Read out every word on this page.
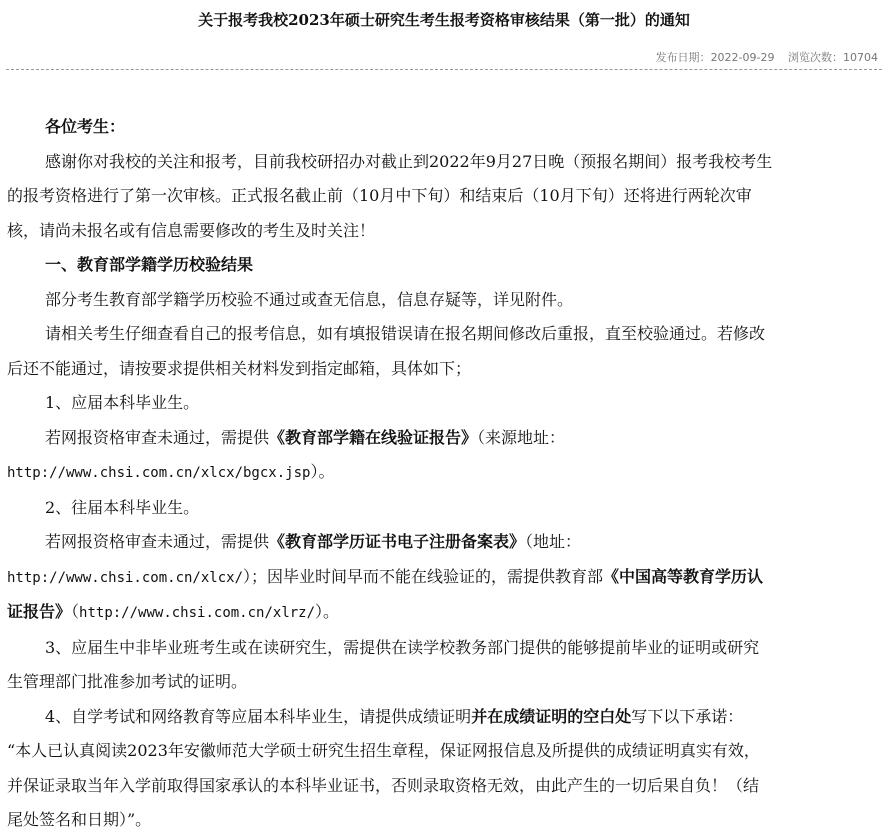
关于报考我校2023年硕士研究生考生报考资格审核结果（第一批）的通知
发布日期：2022-09-29 浏览次数：10704

各位考生：

感谢你对我校的关注和报考，目前我校研招办对截止到2022年9月27日晚（预报名期间）报考我校考生

的报考资格进行了第一次审核。正式报名截止前（10月中下旬）和结束后（10月下旬）还将进行两轮次审

核，请尚未报名或有信息需要修改的考生及时关注！

一、教育部学籍学历校验结果

部分考生教育部学籍学历校验不通过或查无信息，信息存疑等，详见附件。

请相关考生仔细查看自己的报考信息，如有填报错误请在报名期间修改后重报，直至校验通过。若修改

后还不能通过，请按要求提供相关材料发到指定邮箱，具体如下；

1、应届本科毕业生。

若网报资格审查未通过，需提供《教育部学籍在线验证报告》（来源地址：

http://www.chsi.com.cn/xlcx/bgcx.jsp）。

2、往届本科毕业生。

若网报资格审查未通过，需提供《教育部学历证书电子注册备案表》（地址：

http://www.chsi.com.cn/xlcx/）；因毕业时间早而不能在线验证的，需提供教育部《中国高等教育学历认

证报告》（http://www.chsi.com.cn/xlrz/）。

3、应届生中非毕业班考生或在读研究生，需提供在读学校教务部门提供的能够提前毕业的证明或研究

生管理部门批准参加考试的证明。

4、自学考试和网络教育等应届本科毕业生，请提供成绩证明并在成绩证明的空白处写下以下承诺：

“本人已认真阅读2023年安徽师范大学硕士研究生招生章程，保证网报信息及所提供的成绩证明真实有效，

并保证录取当年入学前取得国家承认的本科毕业证书，否则录取资格无效，由此产生的一切后果自负！（结

尾处签名和日期）”。
